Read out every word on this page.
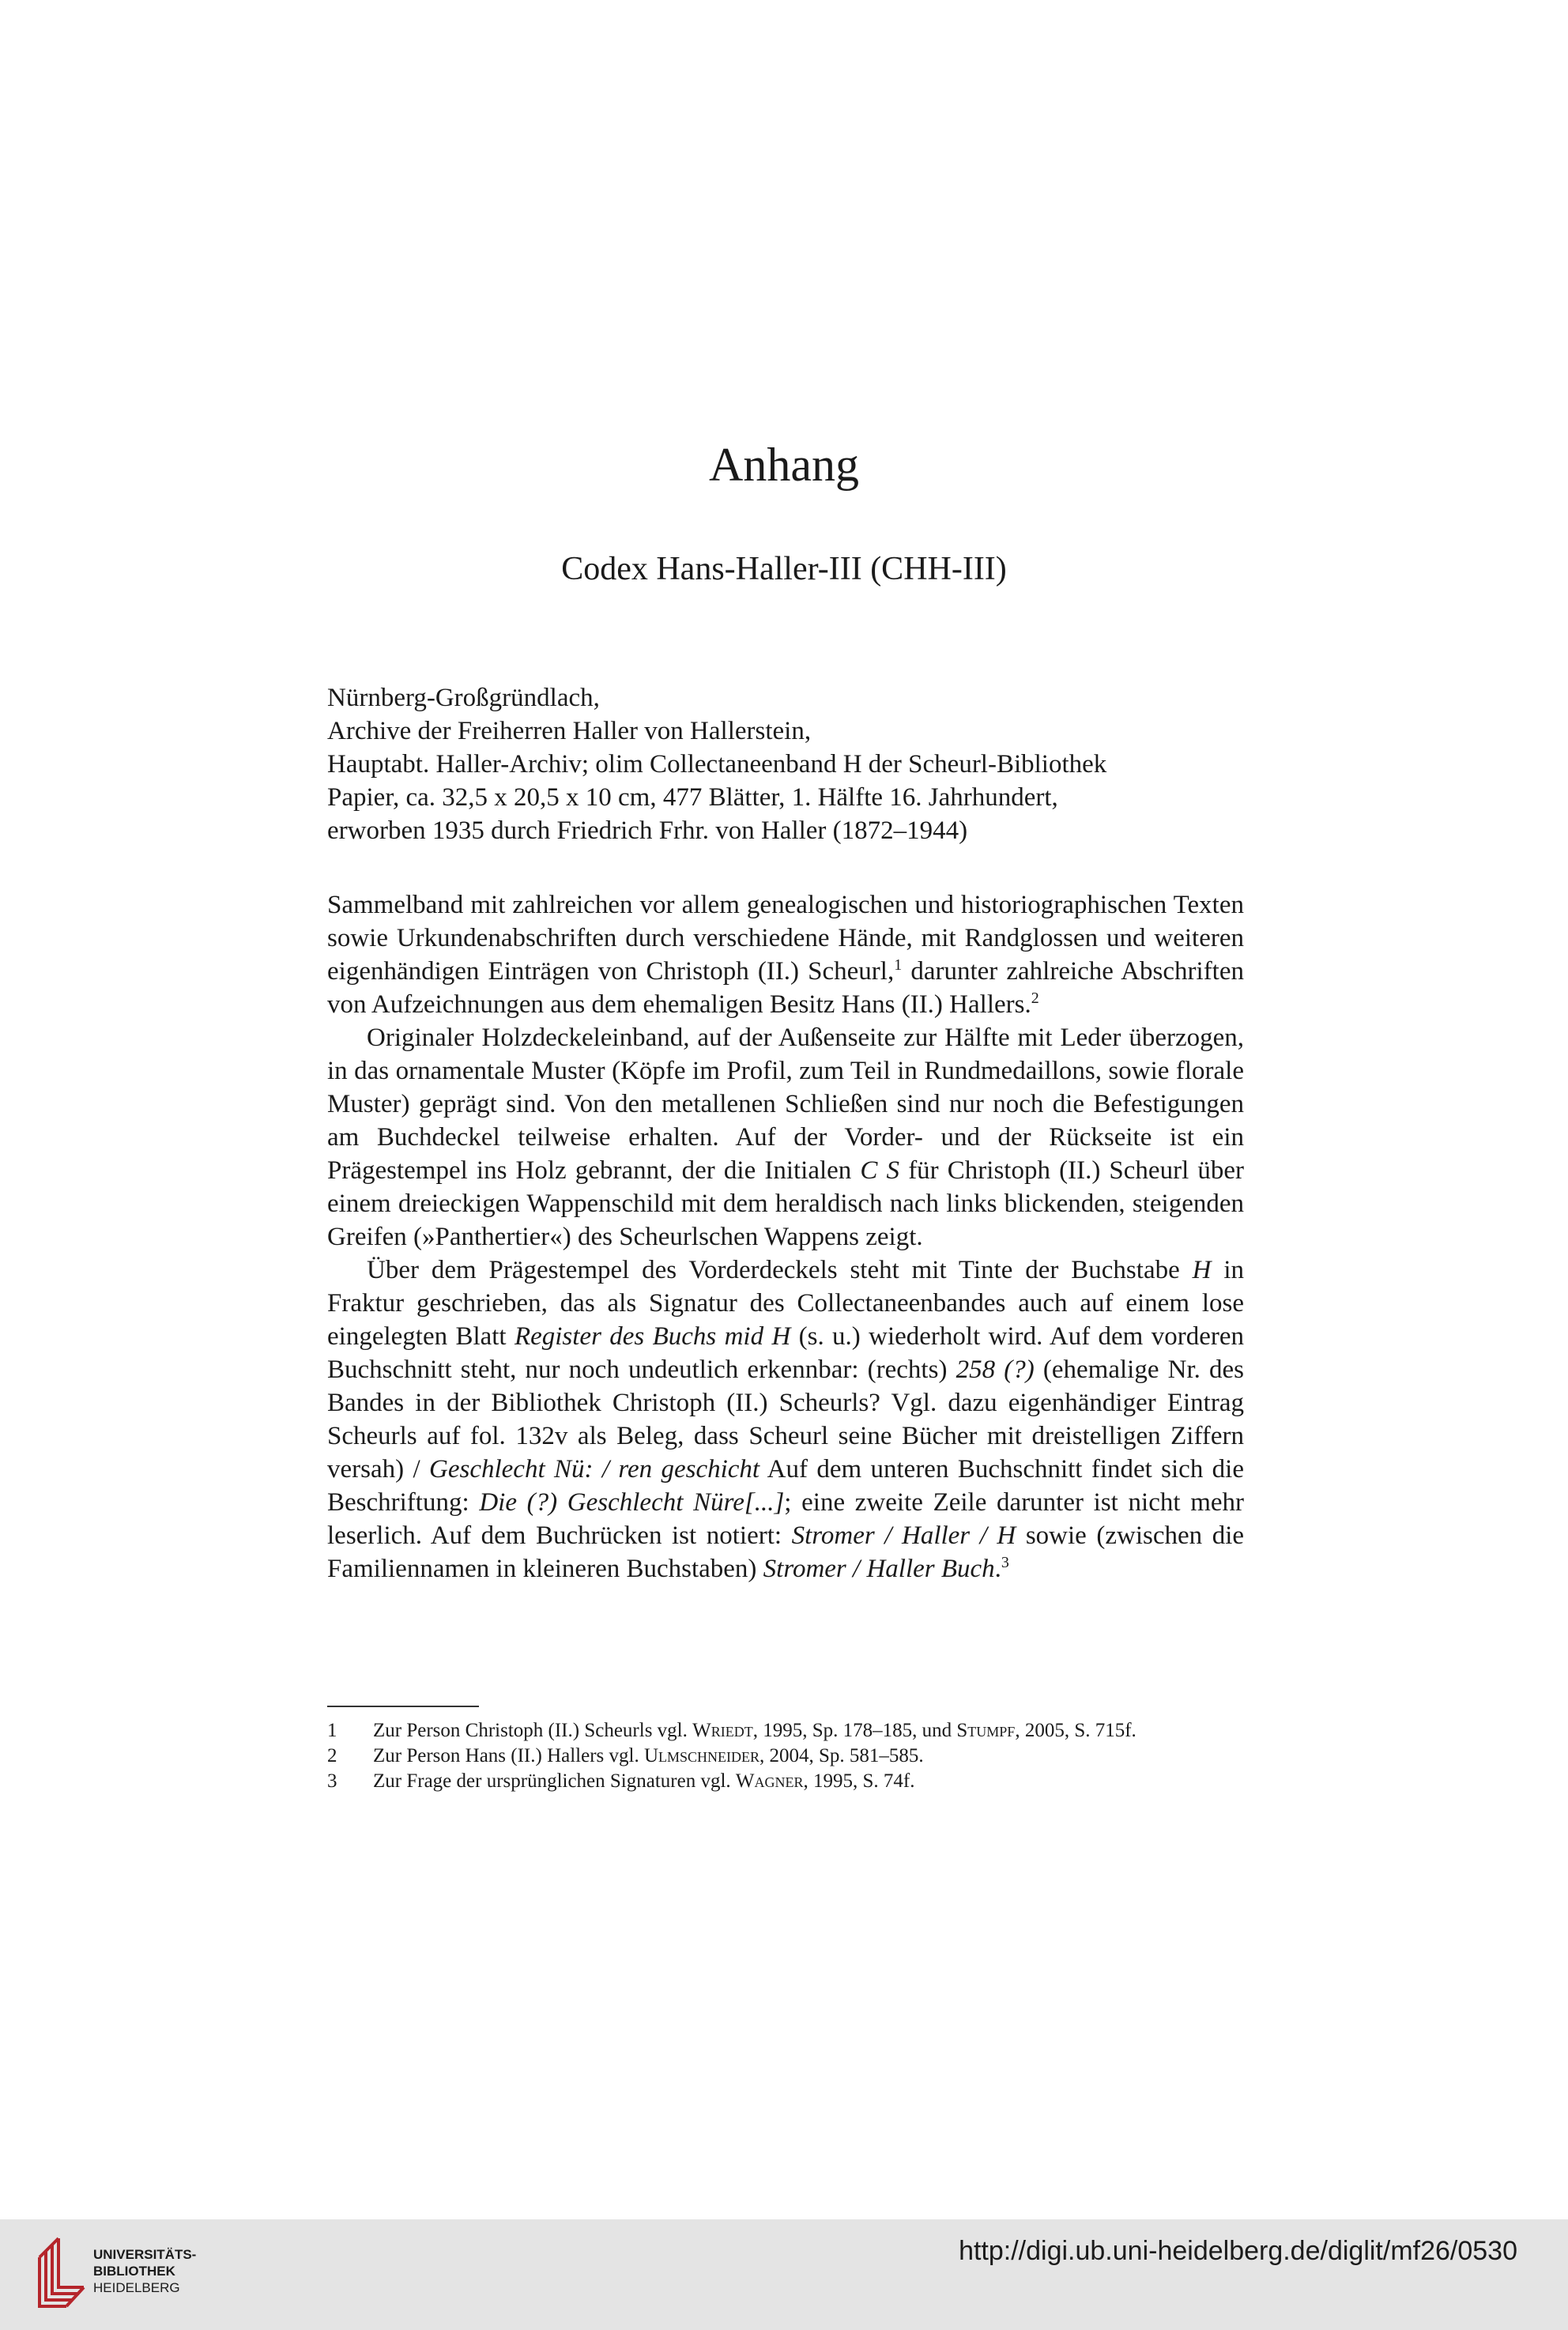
Anhang
Codex Hans-Haller-III (CHH-III)
Nürnberg-Großgründlach,
Archive der Freiherren Haller von Hallerstein,
Hauptabt. Haller-Archiv; olim Collectaneenband H der Scheurl-Bibliothek
Papier, ca. 32,5 x 20,5 x 10 cm, 477 Blätter, 1. Hälfte 16. Jahrhundert,
erworben 1935 durch Friedrich Frhr. von Haller (1872–1944)

Sammelband mit zahlreichen vor allem genealogischen und historiographischen Texten sowie Urkundenabschriften durch verschiedene Hände, mit Randglossen und weiteren eigenhändigen Einträgen von Christoph (II.) Scheurl,$^1$ darunter zahlreiche Abschriften von Aufzeichnungen aus dem ehemaligen Besitz Hans (II.) Hallers.$^2$

Originaler Holzdeckeleinband, auf der Außenseite zur Hälfte mit Leder überzogen, in das ornamentale Muster (Köpfe im Profil, zum Teil in Rundmedaillons, sowie florale Muster) geprägt sind. Von den metallenen Schließen sind nur noch die Befestigungen am Buchdeckel teilweise erhalten. Auf der Vorder- und der Rückseite ist ein Prägestempel ins Holz gebrannt, der die Initialen C S für Christoph (II.) Scheurl über einem dreieckigen Wappenschild mit dem heraldisch nach links blickenden, steigenden Greifen (»Panthertier«) des Scheurlschen Wappens zeigt.

Über dem Prägestempel des Vorderdeckels steht mit Tinte der Buchstabe H in Fraktur geschrieben, das als Signatur des Collectaneenbandes auch auf einem lose eingelegten Blatt Register des Buchs mid H (s. u.) wiederholt wird. Auf dem vorderen Buchschnitt steht, nur noch undeutlich erkennbar: (rechts) 258 (?) (ehemalige Nr. des Bandes in der Bibliothek Christoph (II.) Scheurls? Vgl. dazu eigenhändiger Eintrag Scheurls auf fol. 132v als Beleg, dass Scheurl seine Bücher mit dreistelligen Ziffern versah) / Geschlecht Nü: / ren geschicht Auf dem unteren Buchschnitt findet sich die Beschriftung: Die (?) Geschlecht Nüre[...]; eine zweite Zeile darunter ist nicht mehr leserlich. Auf dem Buchrücken ist notiert: Stromer / Haller / H sowie (zwischen die Familiennamen in kleineren Buchstaben) Stromer / Haller Buch.$^3$

1	Zur Person Christoph (II.) Scheurls vgl. Wriedt, 1995, Sp. 178–185, und Stumpf, 2005, S. 715f.
2	Zur Person Hans (II.) Hallers vgl. Ulmschneider, 2004, Sp. 581–585.
3	Zur Frage der ursprünglichen Signaturen vgl. Wagner, 1995, S. 74f.
UNIVERSITÄTS-
BIBLIOTHEK
HEIDELBERG
http://digi.ub.uni-heidelberg.de/diglit/mf26/0530
